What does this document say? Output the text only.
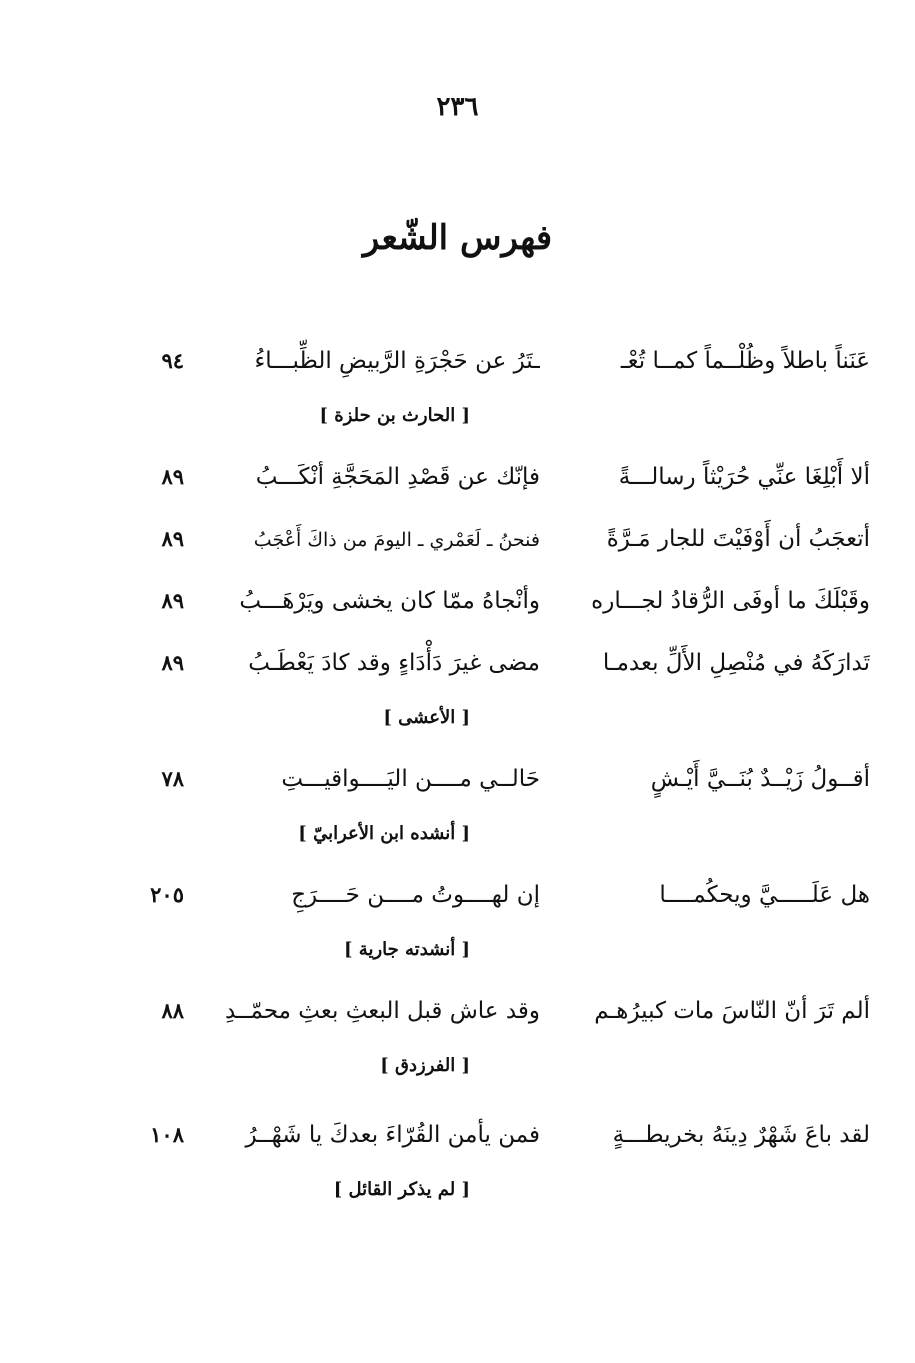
٢٣٦
فهرس الشّعر
عَنَناً باطلاً وظُلْــماً كمــا تُعْـ
ـتَرُ عن حَجْرَةِ الرَّبيضِ الظِّبـــاءُ
٩٤
[ الحارث بن حلزة ]
ألا أَبْلِغَا عنِّي حُرَيْثاً رسالـــةً
فإنّك عن قَصْدِ المَحَجَّةِ أنْكَـــبُ
٨٩
أتعجَبُ أن أَوْفَيْتَ للجار مَـرَّةً
فنحنُ ـ لَعَمْري ـ اليومَ من ذاكَ أَعْجَبُ
٨٩
وقَبْلَكَ ما أوفَى الرُّقادُ لجـــاره
وأنْجاهُ ممّا كان يخشى ويَرْهَـــبُ
٨٩
تَدارَكَهُ في مُنْصِلِ الأَلِّ بعدمـا
مضى غيرَ دَأْدَاءٍ وقد كادَ يَعْطَـبُ
٨٩
[ الأعشى ]
أقــولُ زَيْــدٌ بُنَــيَّ أَيْـشٍ
حَالــي مــــن اليَــــواقيـــتِ
٧٨
[ أنشده ابن الأعرابيّ ]
هل عَلَـــــيَّ ويحكُمــــا
إن لهــــوتُ مــــن حَــــرَجِ
٢٠٥
[ أنشدته جارية ]
ألم تَرَ أنّ النّاسَ مات كبيرُهـم
وقد عاش قبل البعثِ بعثِ محمّــدِ
٨٨
[ الفرزدق ]
لقد باعَ شَهْرٌ دِينَهُ بخريطـــةٍ
فمن يأمن القُرّاءَ بعدكَ يا شَهْــرُ
١٠٨
[ لم يذكر القائل ]
